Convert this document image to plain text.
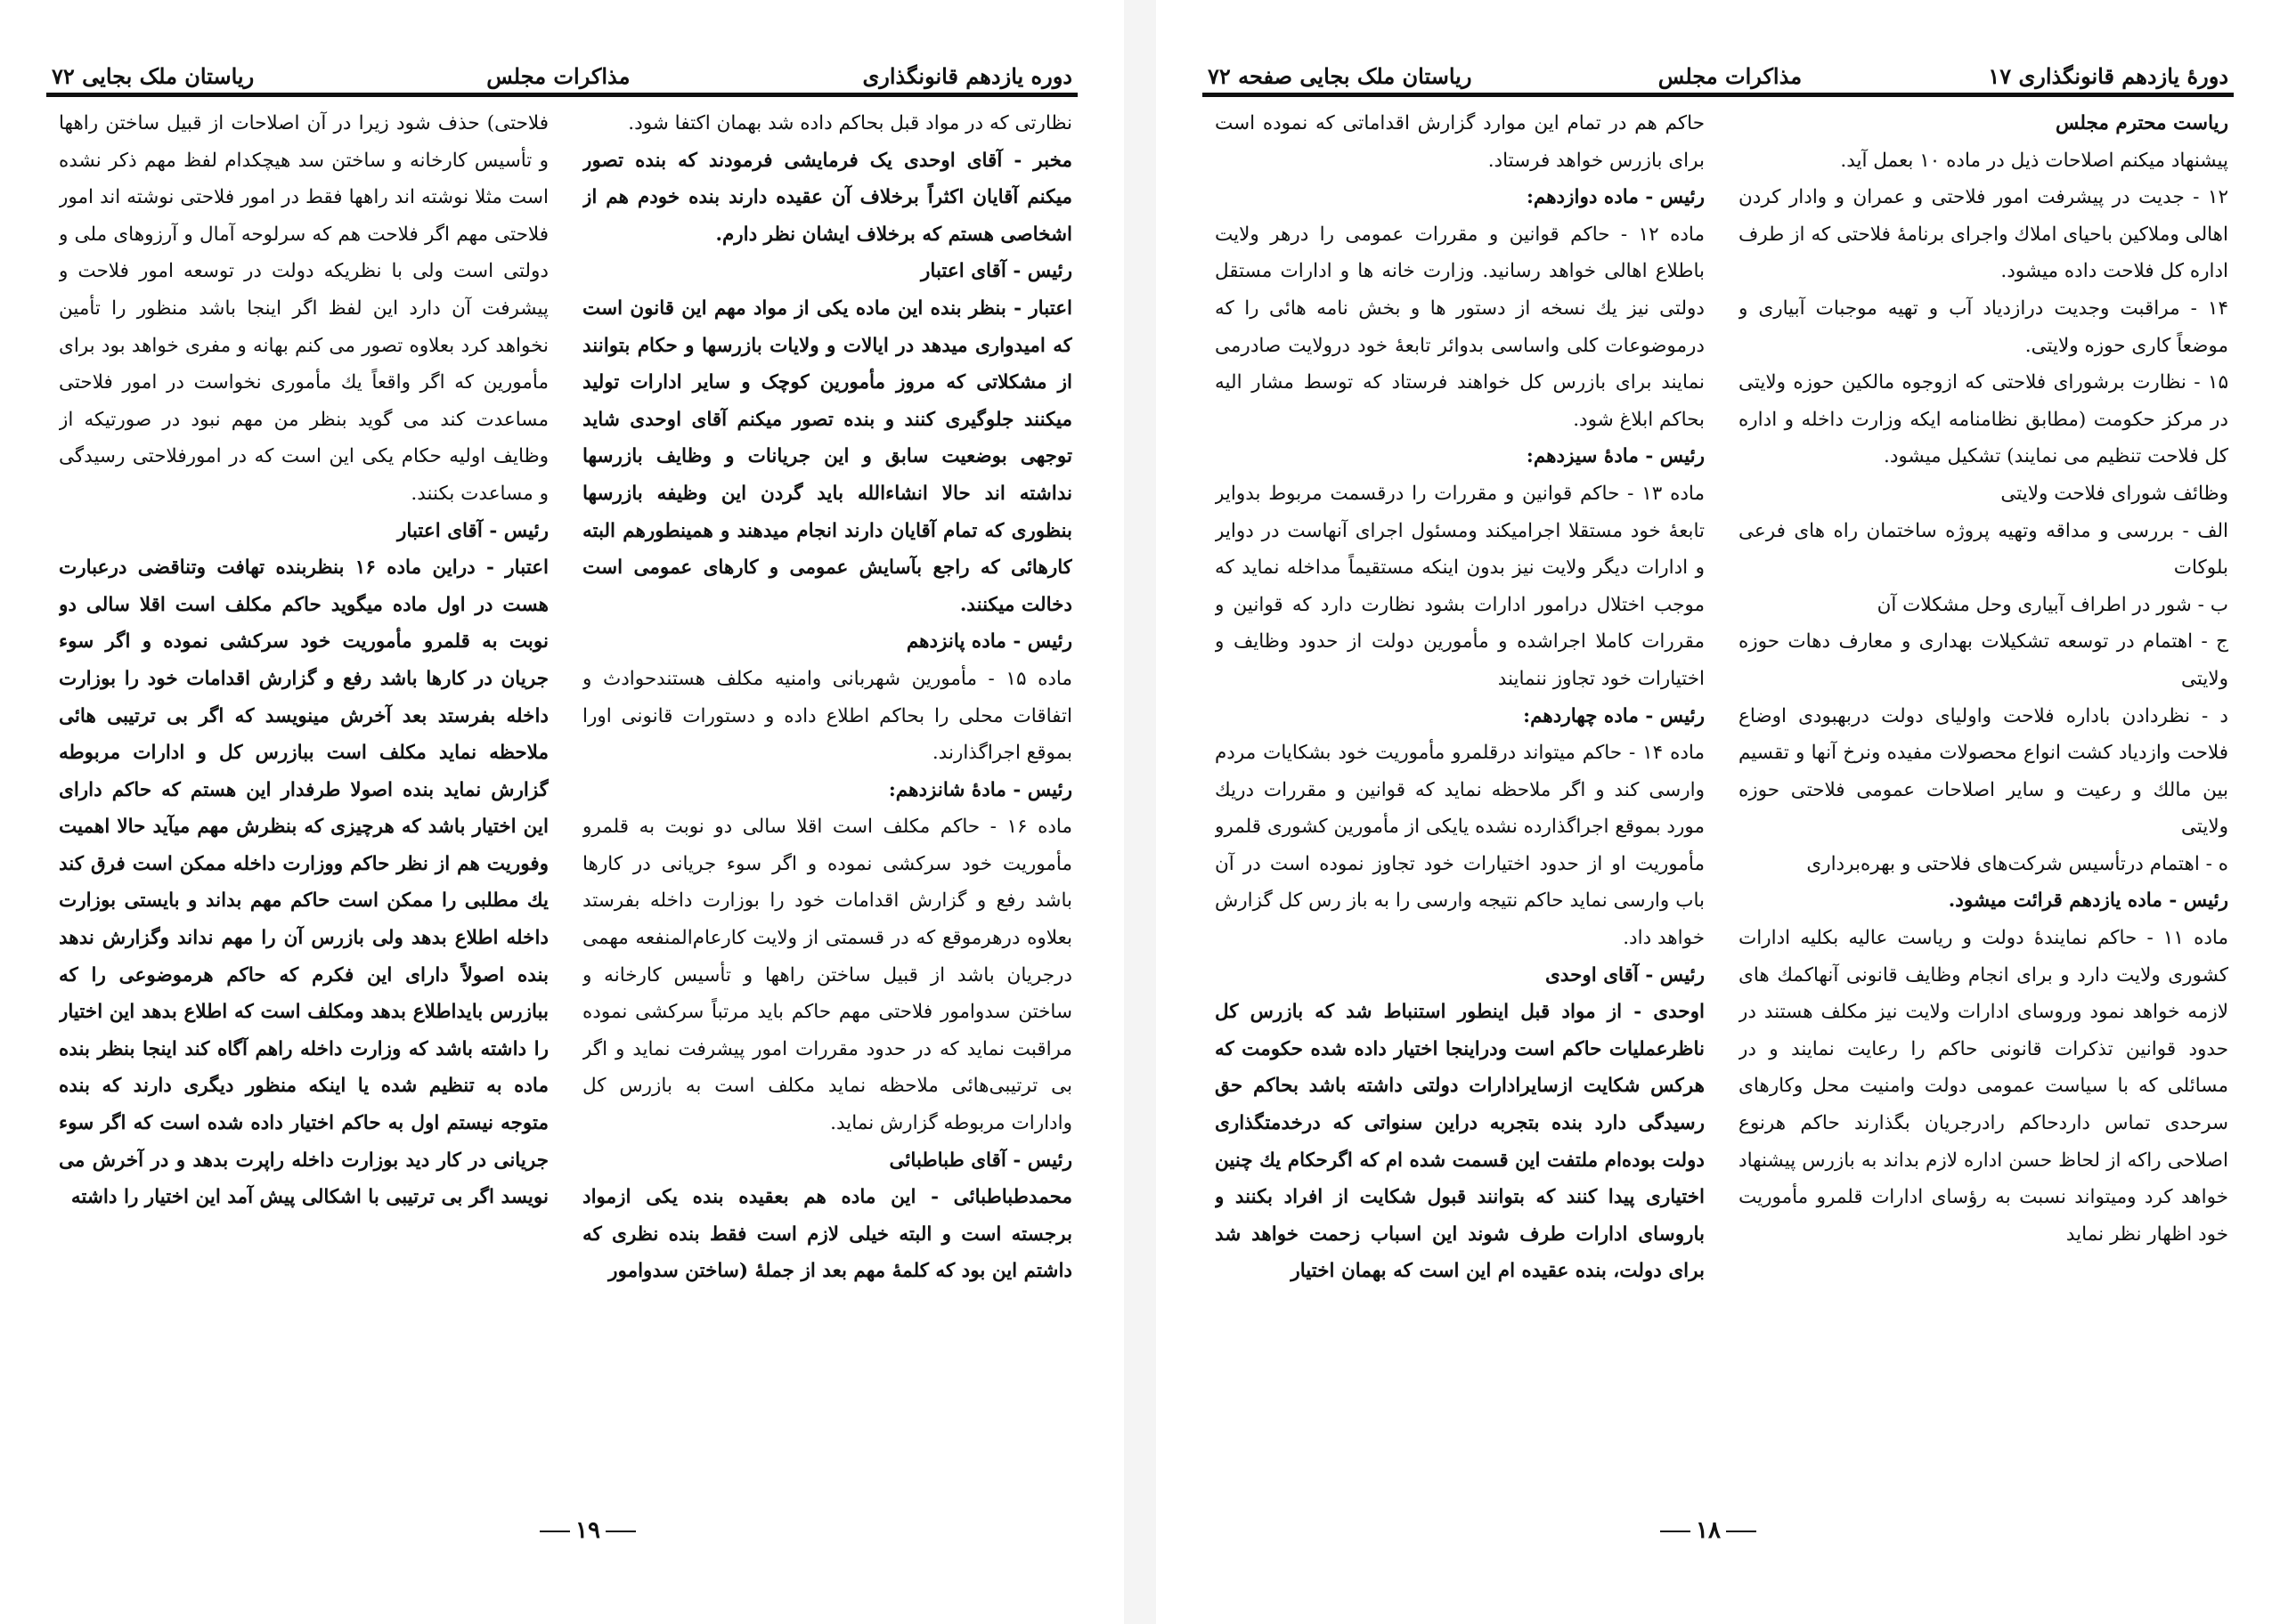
دوره یازدهم قانونگذاری
مذاکرات مجلس
ریاستان ملک بجایی ۷۲

نظارتی که در مواد قبل بحاکم داده شد بهمان اکتفا شود.

مخبر - آقای اوحدی یک فرمایشی فرمودند که بنده تصور میکنم آقایان اکثراً برخلاف آن عقیده دارند بنده خودم هم از اشخاصی هستم که برخلاف ایشان نظر دارم.

رئیس - آقای اعتبار

اعتبار - بنظر بنده این ماده یکی از مواد مهم این قانون است که امیدواری میدهد در ایالات و ولایات بازرسها و حکام بتوانند از مشکلاتی که مروز مأمورین کوچک و سایر ادارات تولید میکنند جلوگیری کنند و بنده تصور میکنم آقای اوحدی شاید توجهی بوضعیت سابق و این جریانات و وظایف بازرسها نداشته اند حالا انشاءالله باید گردن این وظیفه بازرسها بنظوری که تمام آقایان دارند انجام میدهند و همینطورهم البته کارهائی که راجع بآسایش عمومی و کارهای عمومی است دخالت میکنند.

رئیس - ماده پانزدهم

ماده ۱۵ - مأمورین شهربانی وامنیه مکلف هستندحوادث و اتفاقات محلی را بحاکم اطلاع داده و دستورات قانونی اورا بموقع اجراگذارند.

رئیس - مادهٔ شانزدهم:

ماده ۱۶ - حاکم مکلف است اقلا سالی دو نوبت به قلمرو مأموریت خود سرکشی نموده و اگر سوء جریانی در کارها باشد رفع و گزارش اقدامات خود را بوزارت داخله بفرستد بعلاوه درهرموقع که در قسمتی از ولایت کارعام‌المنفعه مهمی درجریان باشد از قبیل ساختن راهها و تأسیس کارخانه و ساختن سدوامور فلاحتی مهم حاکم باید مرتباً سرکشی نموده مراقبت نماید که در حدود مقررات امور پیشرفت نماید و اگر بی ترتیبی‌هائی ملاحظه نماید مکلف است به بازرس کل وادارات مربوطه گزارش نماید.

رئیس - آقای طباطبائی

محمدطباطبائی - این ماده هم بعقیده بنده یکی ازمواد برجسته است و البته خیلی لازم است فقط بنده نظری که داشتم این بود که کلمهٔ مهم بعد از جملهٔ (ساختن سدوامور

فلاحتی) حذف شود زیرا در آن اصلاحات از قبیل ساختن راهها و تأسیس کارخانه و ساختن سد هیچکدام لفظ مهم ذکر نشده است مثلا نوشته اند راهها فقط در امور فلاحتی نوشته اند امور فلاحتی مهم اگر فلاحت هم که سرلوحه آمال و آرزوهای ملی و دولتی است ولی با نظریکه دولت در توسعه امور فلاحت و پیشرفت آن دارد این لفظ اگر اینجا باشد منظور را تأمین نخواهد کرد بعلاوه تصور می کنم بهانه و مفری خواهد بود برای مأمورین که اگر واقعاً یك مأموری نخواست در امور فلاحتی مساعدت کند می گوید بنظر من مهم نبود در صورتیکه از وظایف اولیه حکام یکی این است که در امورفلاحتی رسیدگی و مساعدت بکنند.

رئیس - آقای اعتبار

اعتبار - دراین ماده ۱۶ بنظربنده تهافت وتناقضی درعبارت هست در اول ماده میگوید حاکم مکلف است اقلا سالی دو نوبت به قلمرو مأموریت خود سرکشی نموده و اگر سوء جریان در کارها باشد رفع و گزارش اقدامات خود را بوزارت داخله بفرستد بعد آخرش مینویسد که اگر بی ترتیبی هائی ملاحظه نماید مکلف است ببازرس کل و ادارات مربوطه گزارش نماید بنده اصولا طرفدار این هستم که حاکم دارای این اختیار باشد که هرچیزی که بنظرش مهم میآید حالا اهمیت وفوریت هم از نظر حاکم ووزارت داخله ممکن است فرق کند یك مطلبی را ممکن است حاکم مهم بداند و بایستی بوزارت داخله اطلاع بدهد ولی بازرس آن را مهم نداند وگزارش ندهد بنده اصولاً دارای این فکرم که حاکم هرموضوعی را که ببازرس بایداطلاع بدهد ومکلف است که اطلاع بدهد این اختیار را داشته باشد که وزارت داخله راهم آگاه کند اینجا بنظر بنده ماده به تنظیم شده یا اینکه منظور دیگری دارند که بنده متوجه نیستم اول به حاکم اختیار داده شده است که اگر سوء جریانی در کار دید بوزارت داخله راپرت بدهد و در آخرش می نویسد اگر بی ترتیبی با اشکالی پیش آمد این اختیار را داشته

۱۹
دورهٔ یازدهم قانونگذاری ۱۷
مذاکرات مجلس
ریاستان ملک بجایی صفحه ۷۲

ریاست محترم مجلس

پیشنهاد میکنم اصلاحات ذیل در ماده ۱۰ بعمل آید.

۱۲ - جدیت در پیشرفت امور فلاحتی و عمران و وادار کردن اهالی وملاکین باحیای املاك واجرای برنامهٔ فلاحتی که از طرف اداره کل فلاحت داده میشود.

۱۴ - مراقبت وجدیت درازدیاد آب و تهیه موجبات آبیاری و موضعاً کاری حوزه ولایتی.

۱۵ - نظارت برشورای فلاحتی که ازوجوه مالکین حوزه ولایتی در مرکز حکومت (مطابق نظامنامه ایکه وزارت داخله و اداره کل فلاحت تنظیم می نمایند) تشکیل میشود.

وظائف شورای فلاحت ولایتی

الف - بررسی و مداقه وتهیه پروژه ساختمان راه های فرعی بلوکات

ب - شور در اطراف آبیاری وحل مشکلات آن

ج - اهتمام در توسعه تشکیلات بهداری و معارف دهات حوزه ولایتی

د - نظردادن باداره فلاحت واولیای دولت دربهبودی اوضاع فلاحت وازدیاد کشت انواع محصولات مفیده ونرخ آنها و تقسیم بین مالك و رعیت و سایر اصلاحات عمومی فلاحتی حوزه ولایتی

ه - اهتمام درتأسیس شرکت‌های فلاحتی و بهره‌برداری

رئیس - ماده یازدهم قرائت میشود.

ماده ۱۱ - حاکم نمایندهٔ دولت و ریاست عالیه بکلیه ادارات کشوری ولایت دارد و برای انجام وظایف قانونی آنهاکمك های لازمه خواهد نمود وروسای ادارات ولایت نیز مکلف هستند در حدود قوانین تذکرات قانونی حاکم را رعایت نمایند و در مسائلی که با سیاست عمومی دولت وامنیت محل وکارهای سرحدی تماس داردحاکم رادرجریان بگذارند حاکم هرنوع اصلاحی راکه از لحاظ حسن اداره لازم بداند به بازرس پیشنهاد خواهد کرد ومیتواند نسبت به رؤسای ادارات قلمرو مأموریت خود اظهار نظر نماید

حاکم هم در تمام این موارد گزارش اقداماتی که نموده است برای بازرس خواهد فرستاد.

رئیس - ماده دوازدهم:

ماده ۱۲ - حاکم قوانین و مقررات عمومی را درهر ولایت باطلاع اهالی خواهد رسانید. وزارت خانه ها و ادارات مستقل دولتی نیز یك نسخه از دستور ها و بخش نامه هائی را که درموضوعات کلی واساسی بدوائر تابعهٔ خود درولایت صادرمی نمایند برای بازرس کل خواهند فرستاد که توسط مشار الیه بحاکم ابلاغ شود.

رئیس - مادهٔ سیزدهم:

ماده ۱۳ - حاکم قوانین و مقررات را درقسمت مربوط بدوایر تابعهٔ خود مستقلا اجرامیکند ومسئول اجرای آنهاست در دوایر و ادارات دیگر ولایت نیز بدون اینکه مستقیماً مداخله نماید که موجب اختلال درامور ادارات بشود نظارت دارد که قوانین و مقررات کاملا اجراشده و مأمورین دولت از حدود وظایف و اختیارات خود تجاوز ننمایند

رئیس - ماده چهاردهم:

ماده ۱۴ - حاکم میتواند درقلمرو مأموریت خود بشکایات مردم وارسی کند و اگر ملاحظه نماید که قوانین و مقررات دریك مورد بموقع اجراگذارده نشده یایکی از مأمورین کشوری قلمرو مأموریت او از حدود اختیارات خود تجاوز نموده است در آن باب وارسی نماید حاکم نتیجه وارسی را به باز رس کل گزارش خواهد داد.

رئیس - آقای اوحدی

اوحدی - از مواد قبل اینطور استنباط شد که بازرس کل ناظرعملیات حاکم است ودراینجا اختیار داده شده حکومت که هرکس شکایت ازسایرادارات دولتی داشته باشد بحاکم حق رسیدگی دارد بنده بتجربه دراین سنواتی که درخدمتگذاری دولت بوده‌ام ملتفت این قسمت شده ام که اگرحکام یك چنین اختیاری پیدا کنند که بتوانند قبول شکایت از افراد بکنند و باروسای ادارات طرف شوند این اسباب زحمت خواهد شد برای دولت، بنده عقیده ام این است که بهمان اختیار

۱۸
